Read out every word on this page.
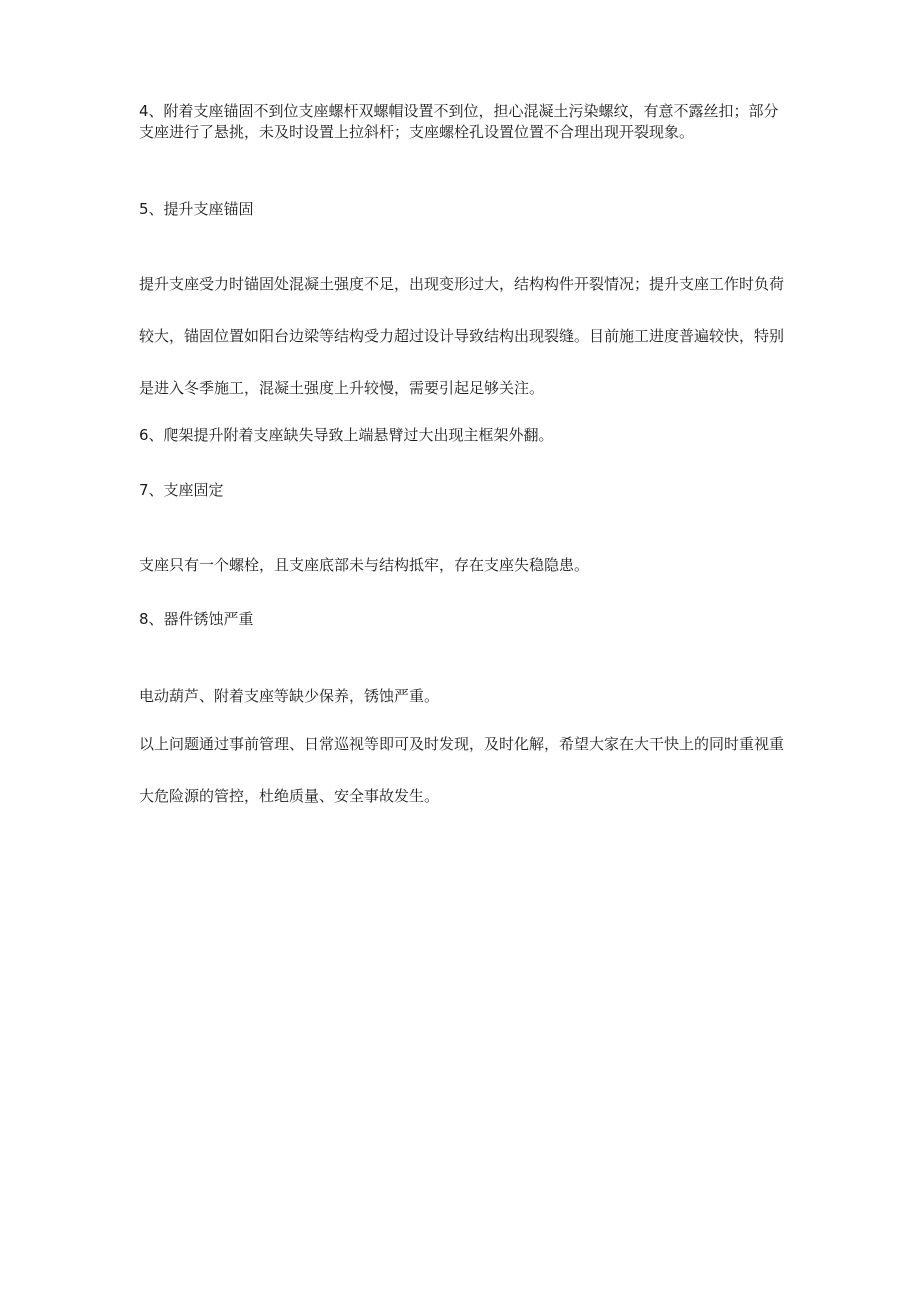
4、附着支座锚固不到位支座螺杆双螺帽设置不到位，担心混凝土污染螺纹，有意不露丝扣；部分支座进行了悬挑，未及时设置上拉斜杆；支座螺栓孔设置位置不合理出现开裂现象。

5、提升支座锚固

提升支座受力时锚固处混凝土强度不足，出现变形过大，结构构件开裂情况；提升支座工作时负荷较大，锚固位置如阳台边梁等结构受力超过设计导致结构出现裂缝。目前施工进度普遍较快，特别是进入冬季施工，混凝土强度上升较慢，需要引起足够关注。

6、爬架提升附着支座缺失导致上端悬臂过大出现主框架外翻。

7、支座固定

支座只有一个螺栓，且支座底部未与结构抵牢，存在支座失稳隐患。

8、器件锈蚀严重

电动葫芦、附着支座等缺少保养，锈蚀严重。

以上问题通过事前管理、日常巡视等即可及时发现，及时化解，希望大家在大干快上的同时重视重大危险源的管控，杜绝质量、安全事故发生。
